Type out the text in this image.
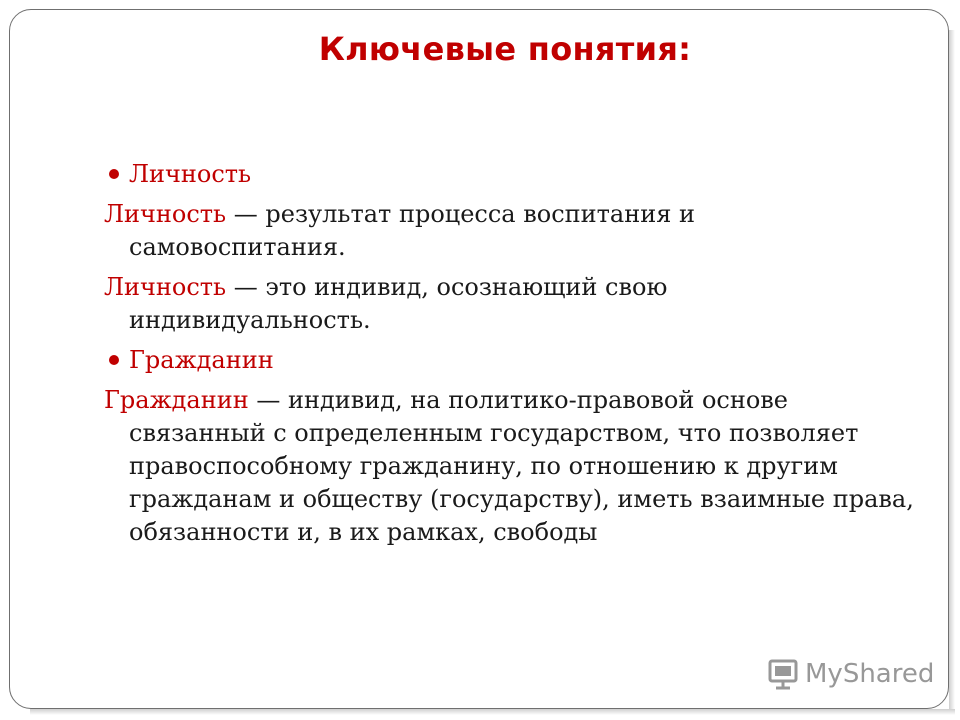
Ключевые понятия:
Личность
Личность — результат процесса воспитания и самовоспитания.
Личность — это индивид, осознающий свою индивидуальность.
Гражданин
Гражданин — индивид, на политико-правовой основе связанный с определенным государством, что позволяет правоспособному гражданину, по отношению к другим гражданам и обществу (государству), иметь взаимные права, обязанности и, в их рамках, свободы
MyShared
